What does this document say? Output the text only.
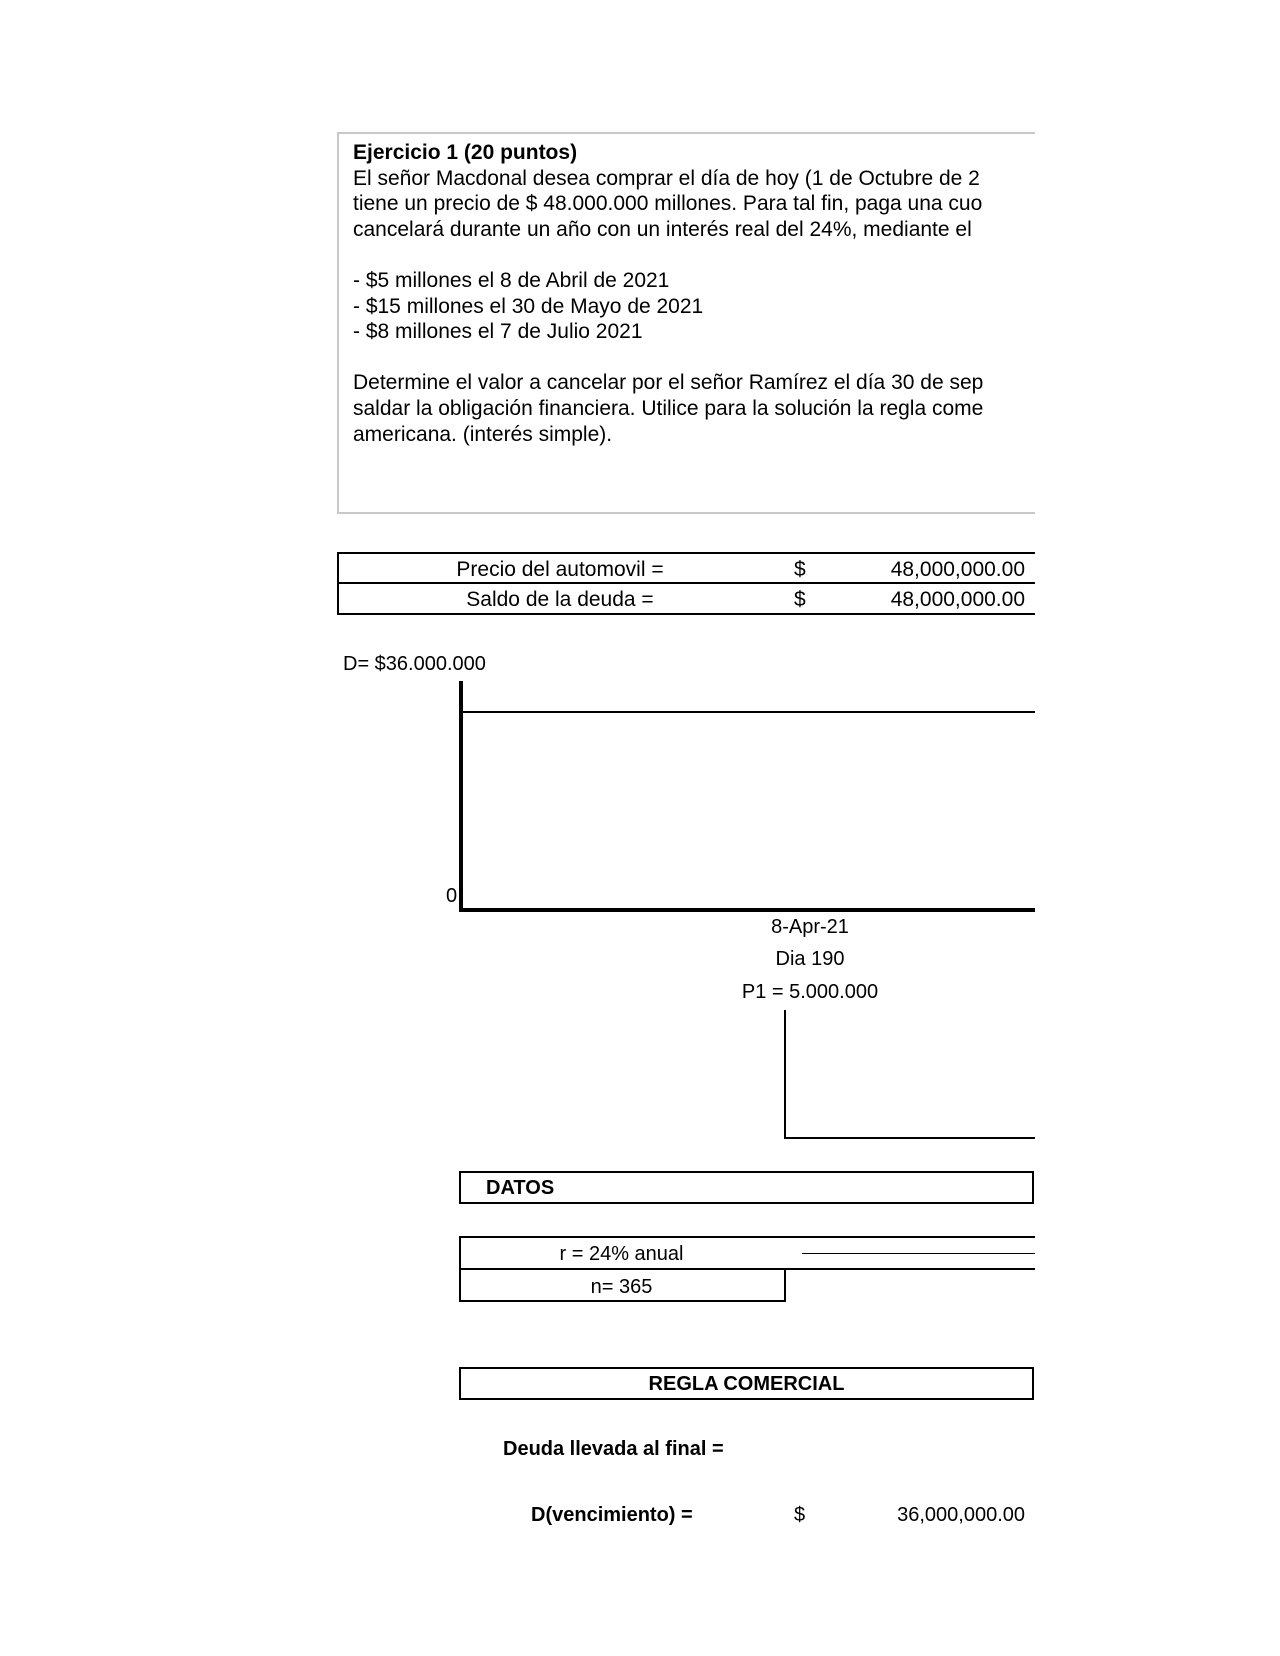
Ejercicio 1 (20 puntos)
El señor Macdonal desea comprar el día de hoy (1 de Octubre de 2
tiene un precio de $ 48.000.000 millones. Para tal fin, paga una cuo
cancelará durante un año con un interés real del 24%, mediante el
- $5 millones el 8 de Abril de 2021
- $15 millones el 30 de Mayo de 2021
- $8 millones el 7 de Julio 2021
Determine el valor a cancelar por el señor Ramírez el día 30 de sep
saldar la obligación financiera. Utilice para la solución la regla come
americana. (interés simple).
Precio del automovil =	$	48,000,000.00
Saldo de la deuda =	$	48,000,000.00
D= $36.000.000
0
8-Apr-21
Dia 190
P1 = 5.000.000
DATOS
r = 24% anual
n= 365
REGLA COMERCIAL
Deuda llevada al final =
D(vencimiento) =	$	36,000,000.00
